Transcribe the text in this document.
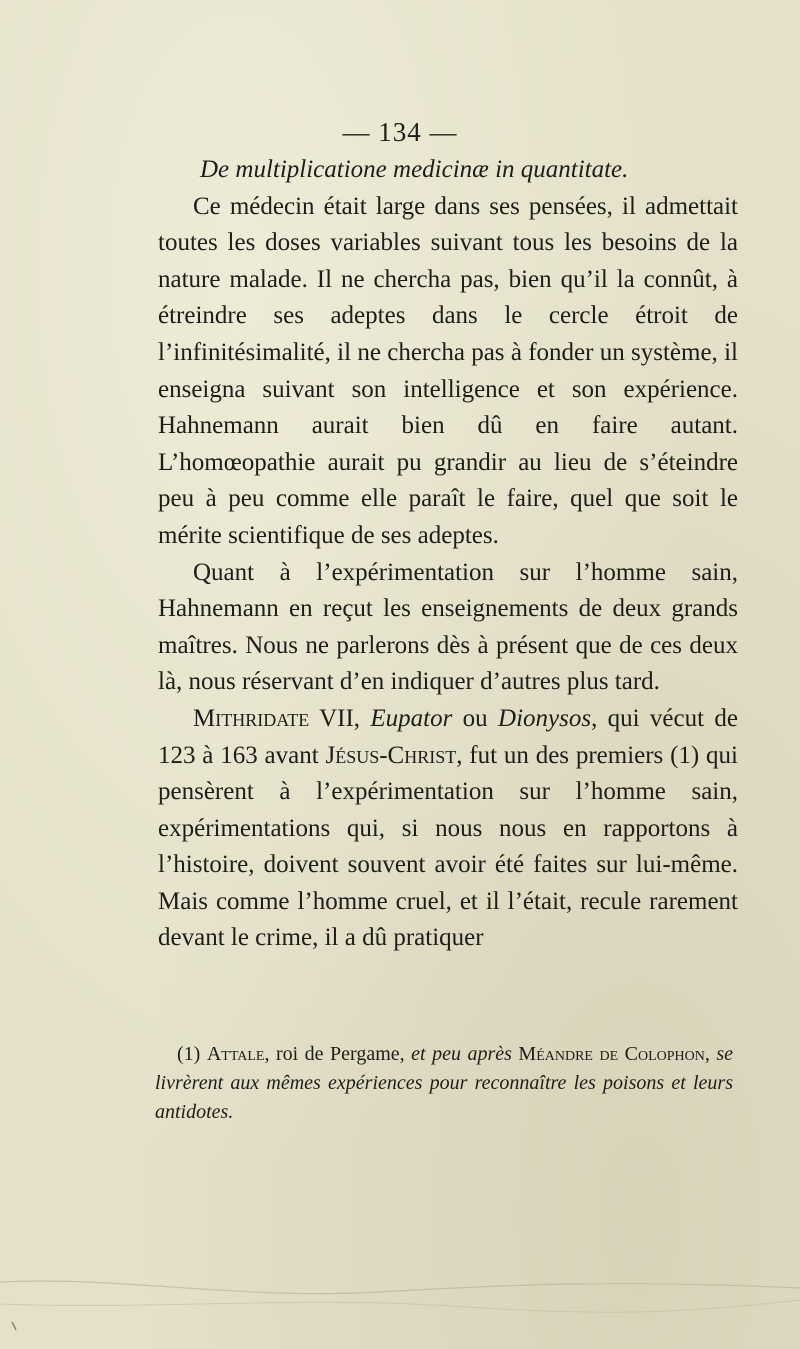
— 134 —

De multiplicatione medicinæ in quantitate.

Ce médecin était large dans ses pensées, il admettait toutes les doses variables suivant tous les besoins de la nature malade. Il ne chercha pas, bien qu’il la connût, à étreindre ses adeptes dans le cercle étroit de l’infinitésimalité, il ne chercha pas à fonder un système, il enseigna suivant son intelligence et son expérience. Hahnemann aurait bien dû en faire autant. L’homœopathie aurait pu grandir au lieu de s’éteindre peu à peu comme elle paraît le faire, quel que soit le mérite scientifique de ses adeptes.

Quant à l’expérimentation sur l’homme sain, Hahnemann en reçut les enseignements de deux grands maîtres. Nous ne parlerons dès à présent que de ces deux là, nous réservant d’en indiquer d’autres plus tard.

Mithridate VII, Eupator ou Dionysos, qui vécut de 123 à 163 avant Jésus-Christ, fut un des premiers (1) qui pensèrent à l’expérimentation sur l’homme sain, expérimentations qui, si nous nous en rapportons à l’histoire, doivent souvent avoir été faites sur lui-même. Mais comme l’homme cruel, et il l’était, recule rarement devant le crime, il a dû pratiquer

(1) Attale, roi de Pergame, et peu après Méandre de Colophon, se livrèrent aux mêmes expériences pour reconnaître les poisons et leurs antidotes.
